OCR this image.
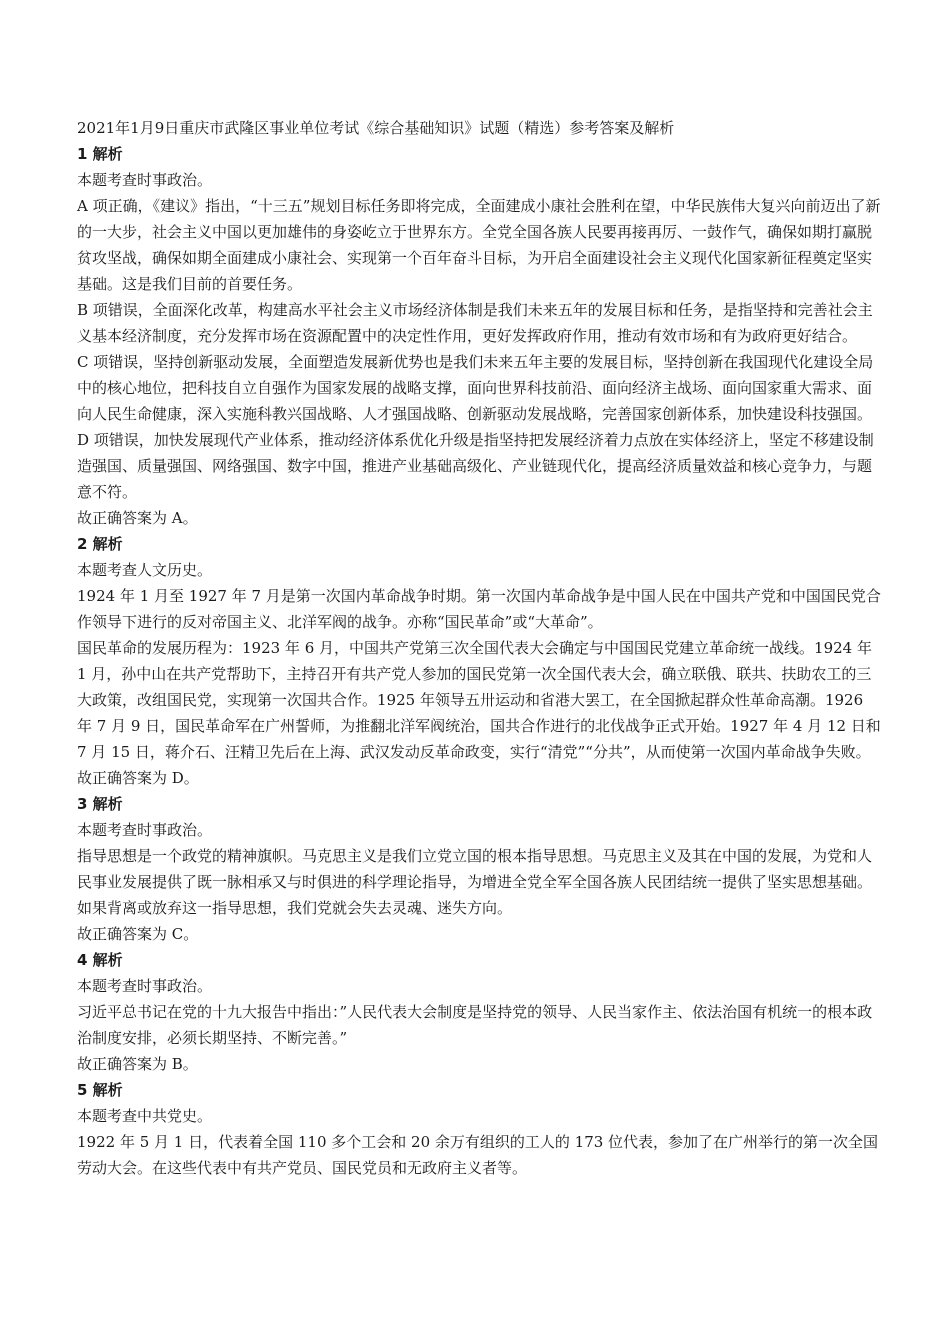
2021年1月9日重庆市武隆区事业单位考试《综合基础知识》试题（精选）参考答案及解析

1 解析

本题考查时事政治。

A 项正确，《建议》指出，“十三五”规划目标任务即将完成，全面建成小康社会胜利在望，中华民族伟大复兴向前迈出了新的一大步，社会主义中国以更加雄伟的身姿屹立于世界东方。全党全国各族人民要再接再厉、一鼓作气，确保如期打赢脱贫攻坚战，确保如期全面建成小康社会、实现第一个百年奋斗目标，为开启全面建设社会主义现代化国家新征程奠定坚实基础。这是我们目前的首要任务。

B 项错误，全面深化改革，构建高水平社会主义市场经济体制是我们未来五年的发展目标和任务，是指坚持和完善社会主义基本经济制度，充分发挥市场在资源配置中的决定性作用，更好发挥政府作用，推动有效市场和有为政府更好结合。

C 项错误，坚持创新驱动发展，全面塑造发展新优势也是我们未来五年主要的发展目标，坚持创新在我国现代化建设全局中的核心地位，把科技自立自强作为国家发展的战略支撑，面向世界科技前沿、面向经济主战场、面向国家重大需求、面向人民生命健康，深入实施科教兴国战略、人才强国战略、创新驱动发展战略，完善国家创新体系，加快建设科技强国。

D 项错误，加快发展现代产业体系，推动经济体系优化升级是指坚持把发展经济着力点放在实体经济上，坚定不移建设制造强国、质量强国、网络强国、数字中国，推进产业基础高级化、产业链现代化，提高经济质量效益和核心竞争力，与题意不符。

故正确答案为 A。

2 解析

本题考查人文历史。

1924 年 1 月至 1927 年 7 月是第一次国内革命战争时期。第一次国内革命战争是中国人民在中国共产党和中国国民党合作领导下进行的反对帝国主义、北洋军阀的战争。亦称“国民革命”或“大革命”。

国民革命的发展历程为：1923 年 6 月，中国共产党第三次全国代表大会确定与中国国民党建立革命统一战线。1924 年 1 月，孙中山在共产党帮助下，主持召开有共产党人参加的国民党第一次全国代表大会，确立联俄、联共、扶助农工的三大政策，改组国民党，实现第一次国共合作。1925 年领导五卅运动和省港大罢工，在全国掀起群众性革命高潮。1926 年 7 月 9 日，国民革命军在广州誓师，为推翻北洋军阀统治，国共合作进行的北伐战争正式开始。1927 年 4 月 12 日和 7 月 15 日，蒋介石、汪精卫先后在上海、武汉发动反革命政变，实行“清党”“分共”，从而使第一次国内革命战争失败。

故正确答案为 D。

3 解析

本题考查时事政治。

指导思想是一个政党的精神旗帜。马克思主义是我们立党立国的根本指导思想。马克思主义及其在中国的发展，为党和人民事业发展提供了既一脉相承又与时俱进的科学理论指导，为增进全党全军全国各族人民团结统一提供了坚实思想基础。如果背离或放弃这一指导思想，我们党就会失去灵魂、迷失方向。

故正确答案为 C。

4 解析

本题考查时事政治。

习近平总书记在党的十九大报告中指出：”人民代表大会制度是坚持党的领导、人民当家作主、依法治国有机统一的根本政治制度安排，必须长期坚持、不断完善。”

故正确答案为 B。

5 解析

本题考查中共党史。

1922 年 5 月 1 日，代表着全国 110 多个工会和 20 余万有组织的工人的 173 位代表，参加了在广州举行的第一次全国劳动大会。在这些代表中有共产党员、国民党员和无政府主义者等。
